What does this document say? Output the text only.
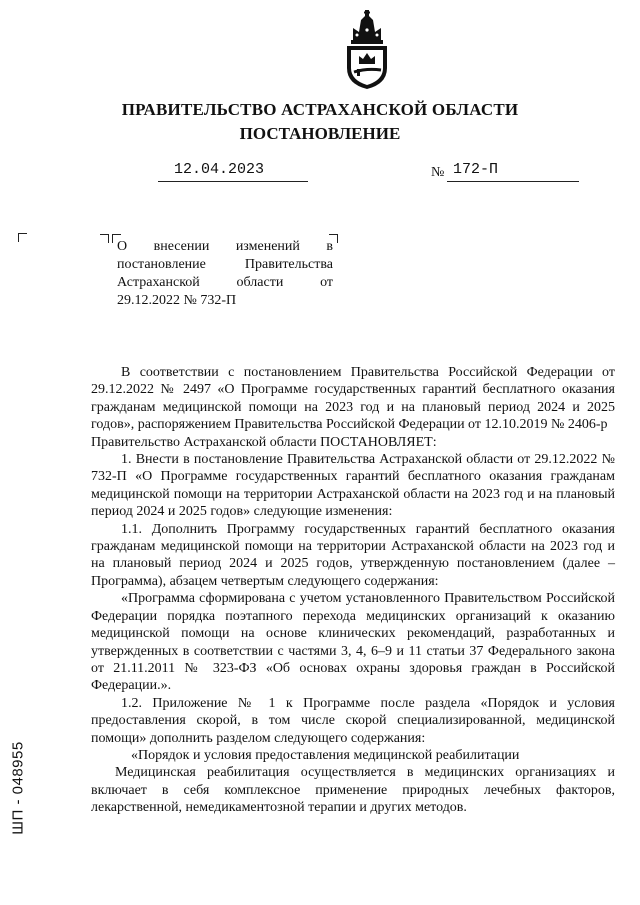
ПРАВИТЕЛЬСТВО АСТРАХАНСКОЙ ОБЛАСТИ
ПОСТАНОВЛЕНИЕ
12.04.2023	№ 172-П
О внесении изменений в постановление Правительства Астраханской области от 29.12.2022 № 732-П

В соответствии с постановлением Правительства Российской Федерации от 29.12.2022 № 2497 «О Программе государственных гарантий бесплатного оказания гражданам медицинской помощи на 2023 год и на плановый период 2024 и 2025 годов», распоряжением Правительства Российской Федерации от 12.10.2019 № 2406-р

Правительство Астраханской области ПОСТАНОВЛЯЕТ:

1. Внести в постановление Правительства Астраханской области от 29.12.2022 № 732-П «О Программе государственных гарантий бесплатного оказания гражданам медицинской помощи на территории Астраханской области на 2023 год и на плановый период 2024 и 2025 годов» следующие изменения:

1.1. Дополнить Программу государственных гарантий бесплатного оказания гражданам медицинской помощи на территории Астраханской области на 2023 год и на плановый период 2024 и 2025 годов, утвержденную постановлением (далее – Программа), абзацем четвертым следующего содержания:

«Программа сформирована с учетом установленного Правительством Российской Федерации порядка поэтапного перехода медицинских организаций к оказанию медицинской помощи на основе клинических рекомендаций, разработанных и утвержденных в соответствии с частями 3, 4, 6–9 и 11 статьи 37 Федерального закона от 21.11.2011 № 323-ФЗ «Об основах охраны здоровья граждан в Российской Федерации.».

1.2. Приложение № 1 к Программе после раздела «Порядок и условия предоставления скорой, в том числе скорой специализированной, медицинской помощи» дополнить разделом следующего содержания:

«Порядок и условия предоставления медицинской реабилитации

Медицинская реабилитация осуществляется в медицинских организациях и включает в себя комплексное применение природных лечебных факторов, лекарственной, немедикаментозной терапии и других методов.

ШП - 048955
